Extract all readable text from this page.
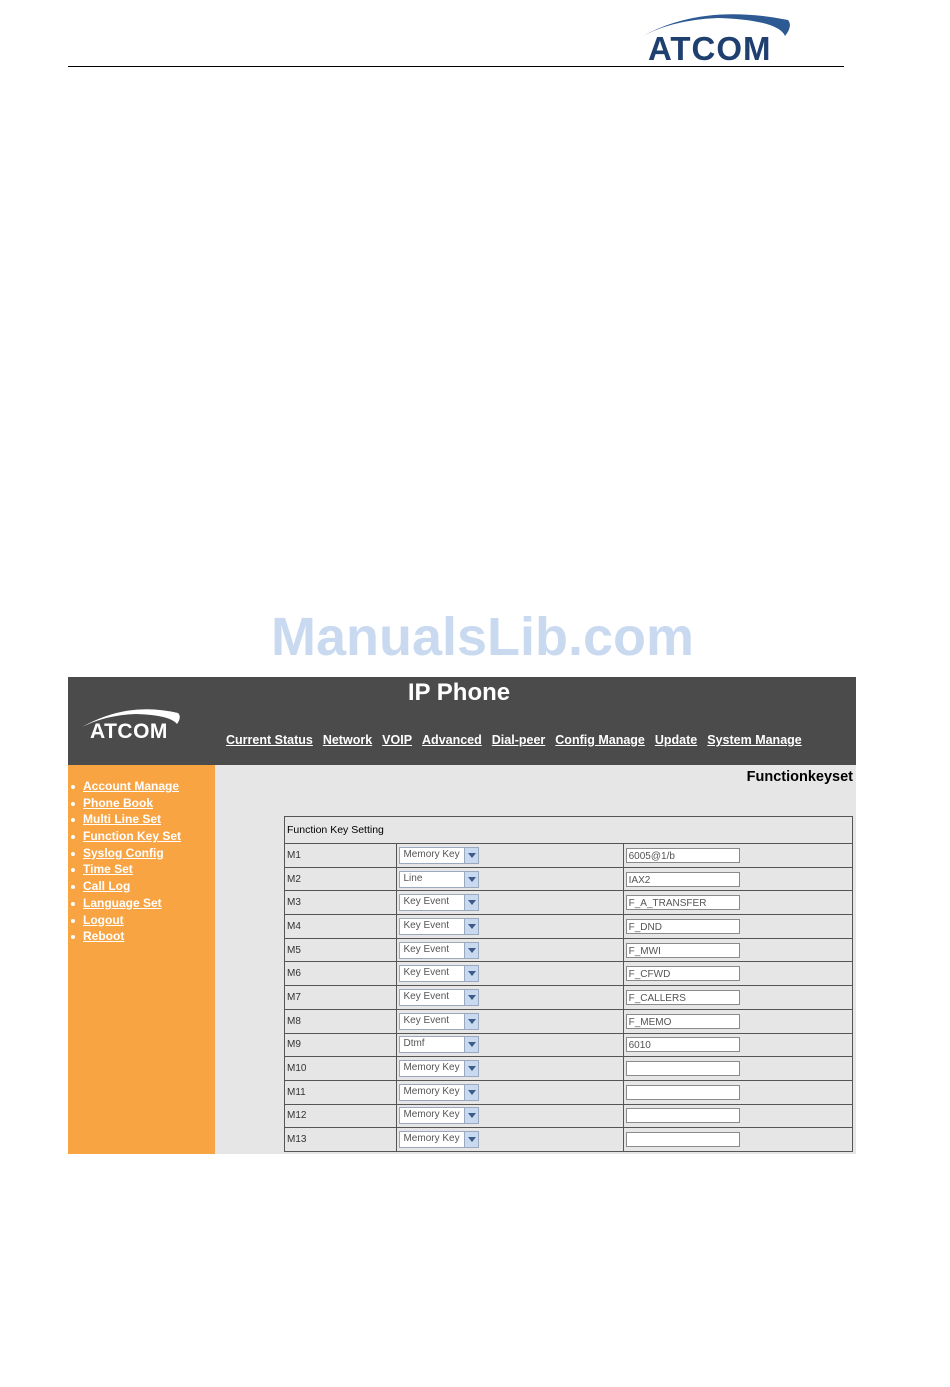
ATCOM
ManualsLib.com
IP Phone
ATCOM	Current Status Network VOIP Advanced Dial-peer Config Manage Update System Manage
Account Manage
Phone Book
Multi Line Set
Function Key Set
Syslog Config
Time Set
Call Log
Language Set
Logout
Reboot
Functionkeyset
Function Key Setting		
M1	Memory Key	6005@1/b
M2	Line	IAX2
M3	Key Event	F_A_TRANSFER
M4	Key Event	F_DND
M5	Key Event	F_MWI
M6	Key Event	F_CFWD
M7	Key Event	F_CALLERS
M8	Key Event	F_MEMO
M9	Dtmf	6010
M10	Memory Key	

M11	Memory Key	

M12	Memory Key	

M13	Memory Key	
